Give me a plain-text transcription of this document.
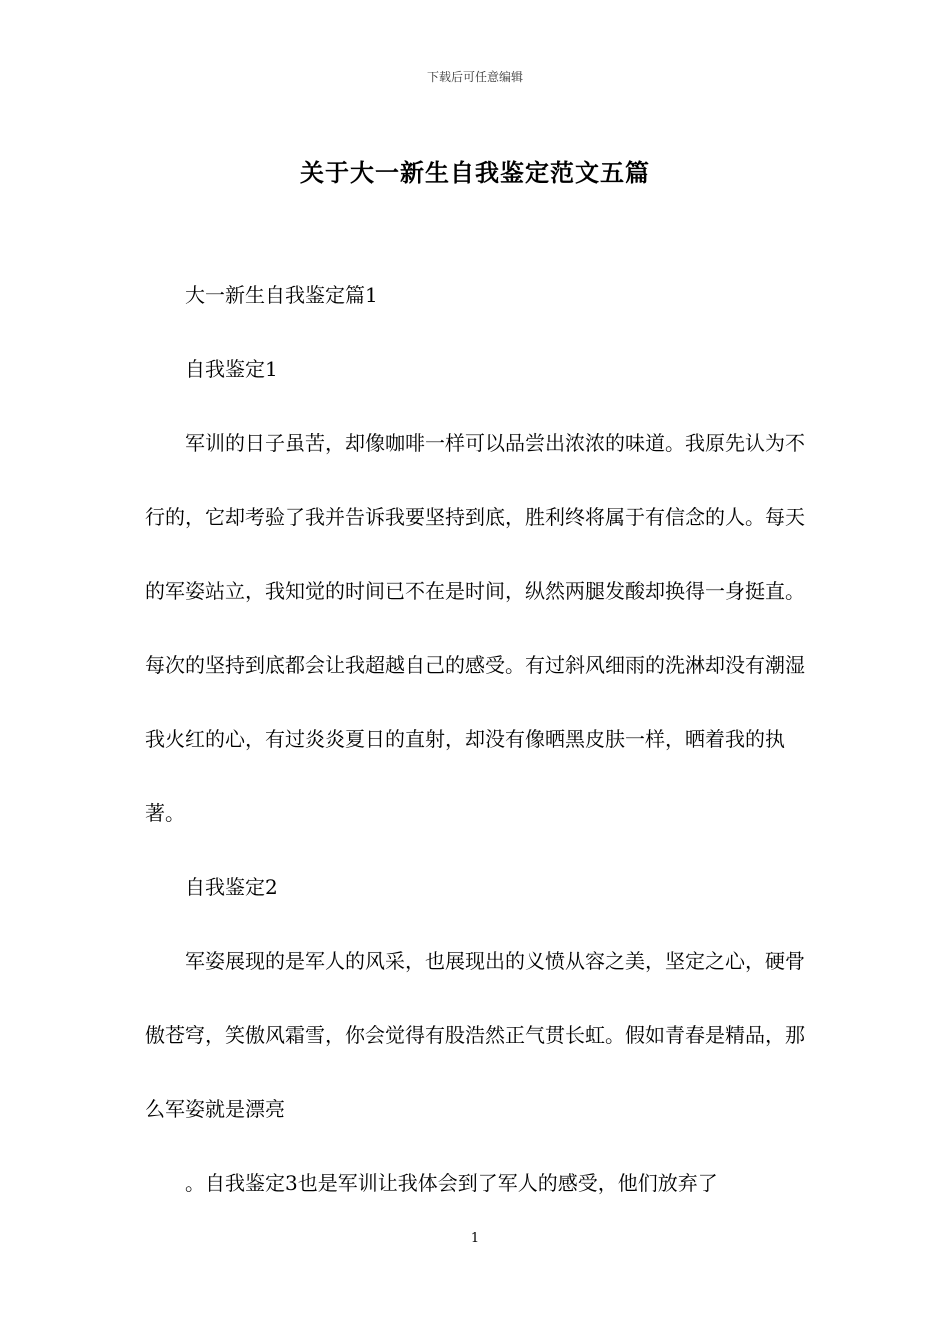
下载后可任意编辑
关于大一新生自我鉴定范文五篇

大一新生自我鉴定篇1

自我鉴定1

军训的日子虽苦，却像咖啡一样可以品尝出浓浓的味道。我原先认为不行的，它却考验了我并告诉我要坚持到底，胜利终将属于有信念的人。每天的军姿站立，我知觉的时间已不在是时间，纵然两腿发酸却换得一身挺直。每次的坚持到底都会让我超越自己的感受。有过斜风细雨的洗淋却没有潮湿我火红的心，有过炎炎夏日的直射，却没有像晒黑皮肤一样，晒着我的执著。

自我鉴定2

军姿展现的是军人的风采，也展现出的义愤从容之美，坚定之心，硬骨傲苍穹，笑傲风霜雪，你会觉得有股浩然正气贯长虹。假如青春是精品，那么军姿就是漂亮

。自我鉴定3也是军训让我体会到了军人的感受，他们放弃了

1
